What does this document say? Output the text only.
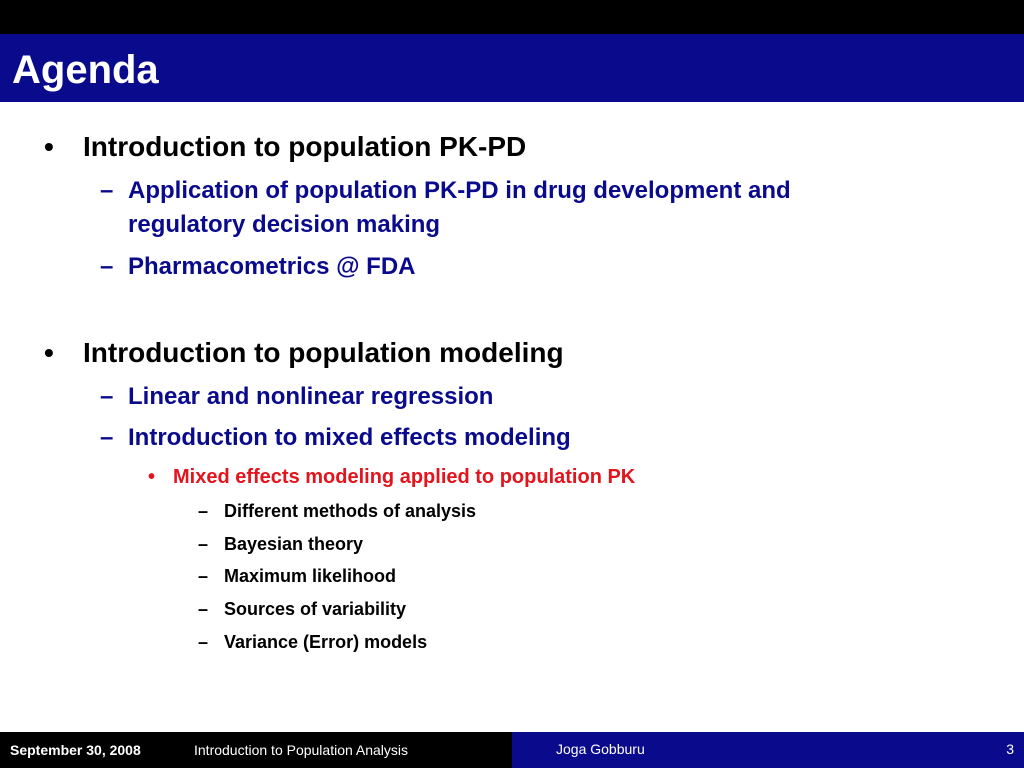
Agenda
• Introduction to population PK-PD
– Application of population PK-PD in drug development and
regulatory decision making
– Pharmacometrics @ FDA
• Introduction to population modeling
– Linear and nonlinear regression
– Introduction to mixed effects modeling
• Mixed effects modeling applied to population PK
– Different methods of analysis
– Bayesian theory
– Maximum likelihood
– Sources of variability
– Variance (Error) models
September 30, 2008	Introduction to Population Analysis	Joga Gobburu	3
